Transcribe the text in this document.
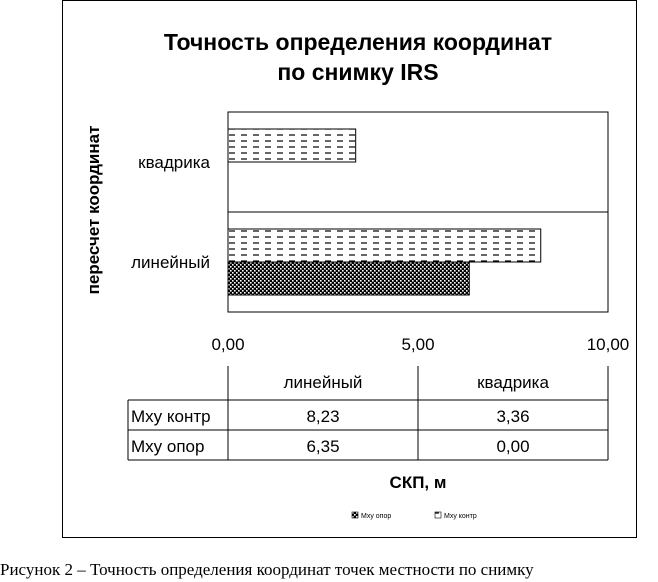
Точность определения координат
по снимку IRS
пересчет координат линейный
квадрика
0,00	5,00	10,00
линейный	квадрика
Mxy контр	8,23	3,36
Mxy опор	6,35	0,00
СКП, м
Mxy опор	Mxy контр
Рисунок 2 – Точность определения координат точек местности по снимку
